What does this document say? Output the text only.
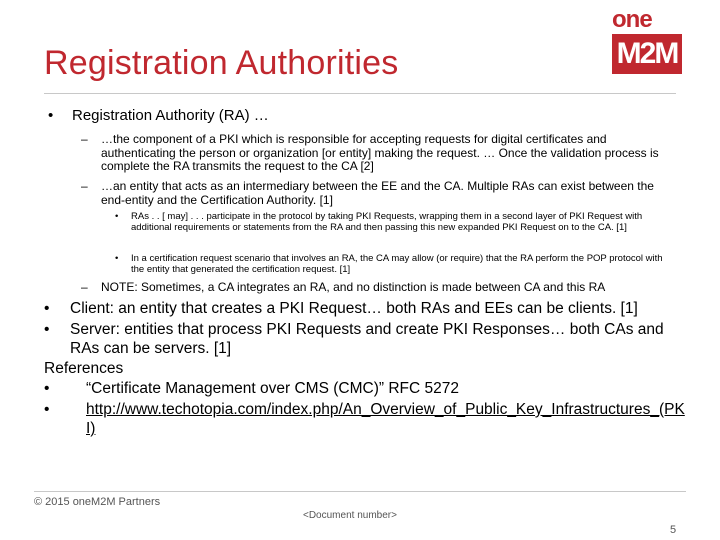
Registration Authorities
one
M2M
• Registration Authority (RA) …
– …the component of a PKI which is responsible for accepting requests for digital certificates and authenticating the person or organization [or entity] making the request. … Once the validation process is complete the RA transmits the request to the CA [2]
– …an entity that acts as an intermediary between the EE and the CA. Multiple RAs can exist between the end-entity and the Certification Authority. [1]
• RAs . . [ may] . . . participate in the protocol by taking PKI Requests, wrapping them in a second layer of PKI Request with additional requirements or statements from the RA and then passing this new expanded PKI Request on to the CA. [1]
• In a certification request scenario that involves an RA, the CA may allow (or require) that the RA perform the POP protocol with the entity that generated the certification request. [1]
– NOTE: Sometimes, a CA integrates an RA, and no distinction is made between CA and this RA
• Client: an entity that creates a PKI Request… both RAs and EEs can be clients. [1]
• Server: entities that process PKI Requests and create PKI Responses… both CAs and RAs can be servers. [1]
References
• “Certificate Management over CMS (CMC)” RFC 5272
• http://www.techotopia.com/index.php/An_Overview_of_Public_Key_Infrastructures_(PKI)
© 2015 oneM2M Partners
<Document number>
5
